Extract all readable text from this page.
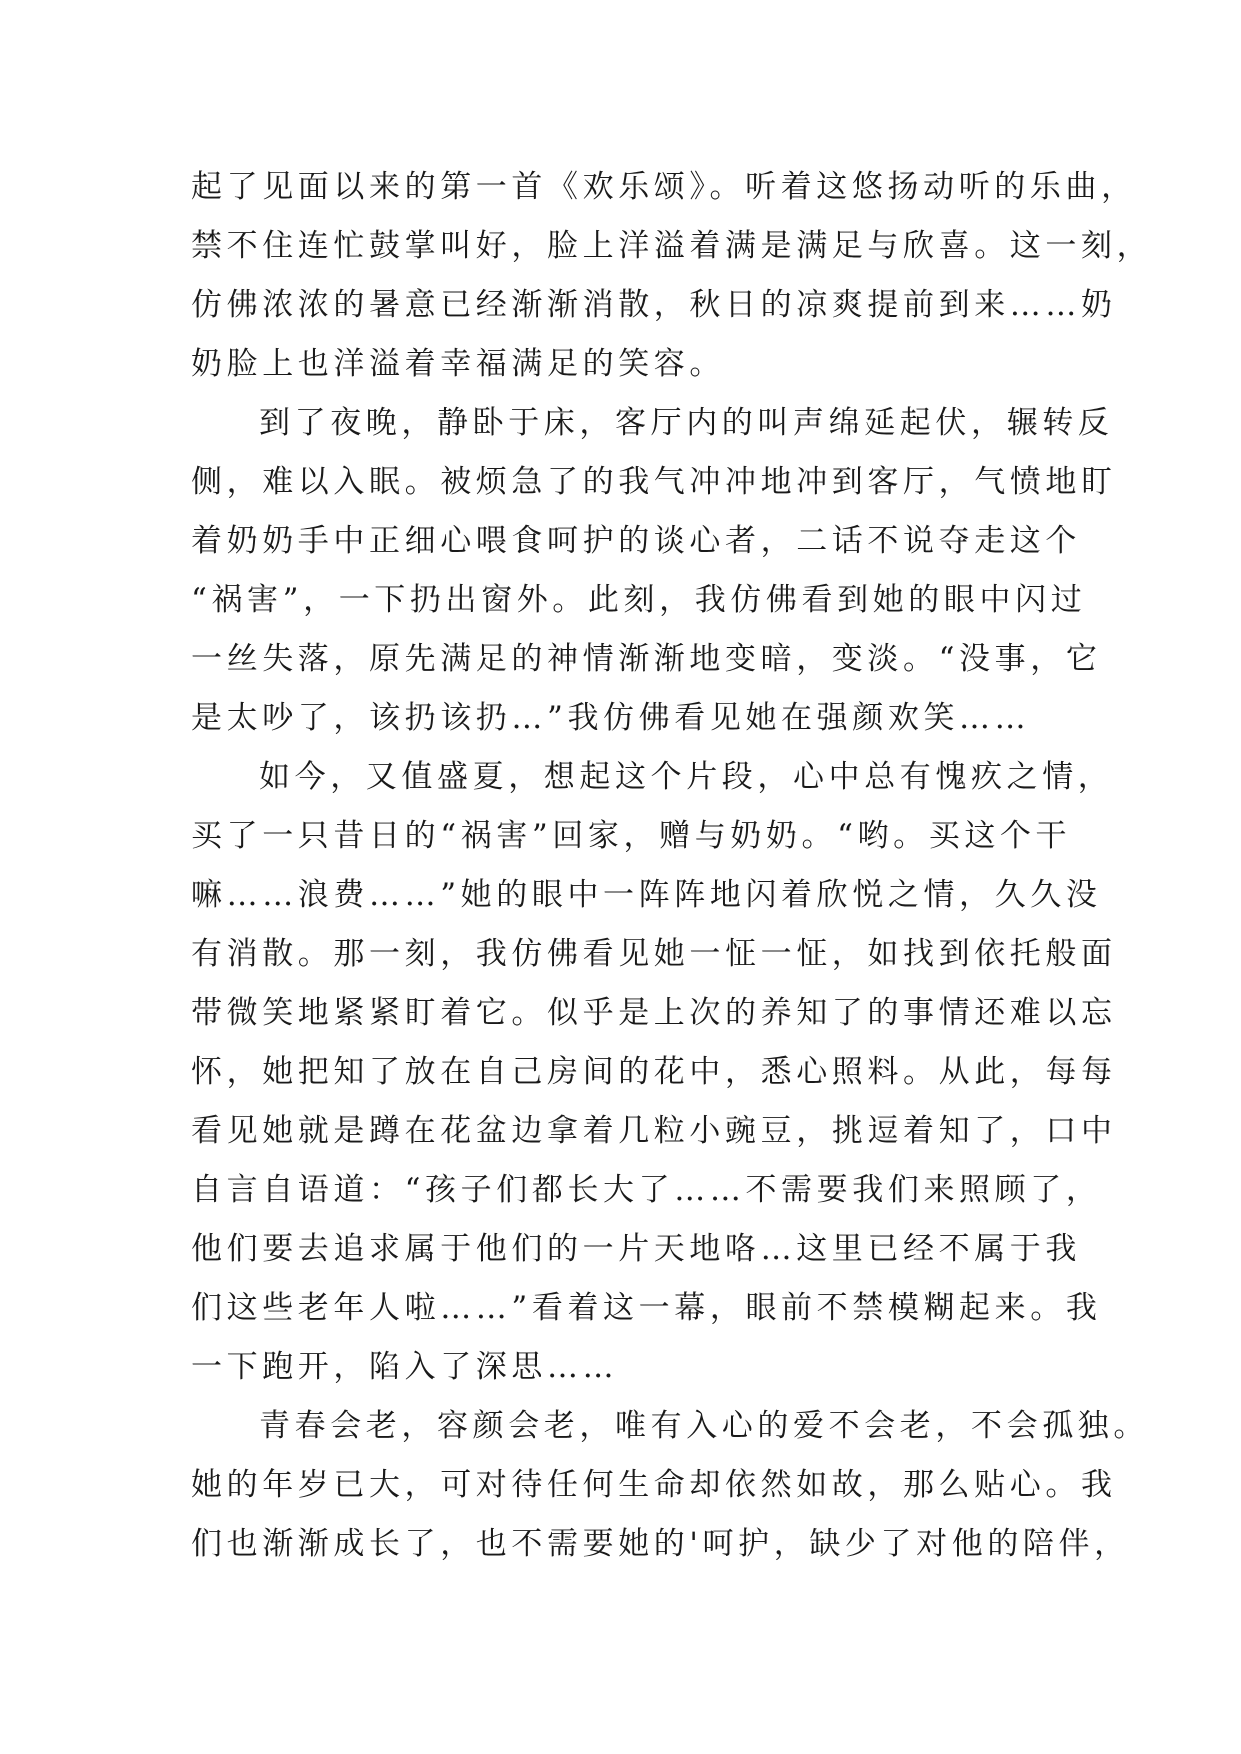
起了见面以来的第一首《欢乐颂》。听着这悠扬动听的乐曲，
禁不住连忙鼓掌叫好，脸上洋溢着满是满足与欣喜。这一刻，
仿佛浓浓的暑意已经渐渐消散，秋日的凉爽提前到来……奶
奶脸上也洋溢着幸福满足的笑容。
到了夜晚，静卧于床，客厅内的叫声绵延起伏，辗转反
侧，难以入眠。被烦急了的我气冲冲地冲到客厅，气愤地盯
着奶奶手中正细心喂食呵护的谈心者，二话不说夺走这个
“祸害”，一下扔出窗外。此刻，我仿佛看到她的眼中闪过
一丝失落，原先满足的神情渐渐地变暗，变淡。“没事，它
是太吵了，该扔该扔…”我仿佛看见她在强颜欢笑……
如今，又值盛夏，想起这个片段，心中总有愧疚之情，
买了一只昔日的“祸害”回家，赠与奶奶。“哟。买这个干
嘛……浪费……”她的眼中一阵阵地闪着欣悦之情，久久没
有消散。那一刻，我仿佛看见她一怔一怔，如找到依托般面
带微笑地紧紧盯着它。似乎是上次的养知了的事情还难以忘
怀，她把知了放在自己房间的花中，悉心照料。从此，每每
看见她就是蹲在花盆边拿着几粒小豌豆，挑逗着知了，口中
自言自语道：“孩子们都长大了……不需要我们来照顾了，
他们要去追求属于他们的一片天地咯…这里已经不属于我
们这些老年人啦……”看着这一幕，眼前不禁模糊起来。我
一下跑开，陷入了深思……
青春会老，容颜会老，唯有入心的爱不会老，不会孤独。
她的年岁已大，可对待任何生命却依然如故，那么贴心。我
们也渐渐成长了，也不需要她的'呵护，缺少了对他的陪伴，
